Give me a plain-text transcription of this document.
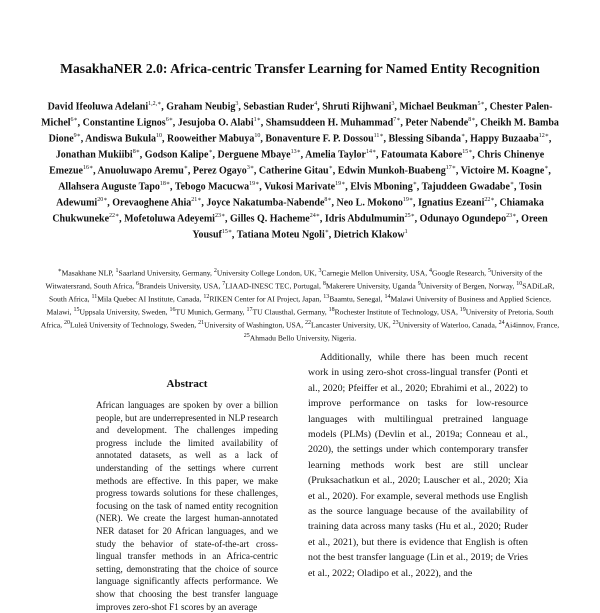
MasakhaNER 2.0: Africa-centric Transfer Learning for Named Entity Recognition
David Ifeoluwa Adelani$^{1,2,∗}$, Graham Neubig$^3$, Sebastian Ruder$^4$, Shruti Rijhwani$^3$, Michael Beukman$^{5∗}$, Chester Palen-Michel$^{6∗}$, Constantine Lignos$^{6∗}$, Jesujoba O. Alabi$^{1∗}$, Shamsuddeen H. Muhammad$^{7∗}$, Peter Nabende$^{8∗}$, Cheikh M. Bamba Dione$^{9∗}$, Andiswa Bukula$^{10}$, Rooweither Mabuya$^{10}$, Bonaventure F. P. Dossou$^{11∗}$, Blessing Sibanda∗, Happy Buzaaba$^{12∗}$, Jonathan Mukiibi$^{8∗}$, Godson Kalipe∗, Derguene Mbaye$^{13∗}$, Amelia Taylor$^{14∗}$, Fatoumata Kabore$^{15∗}$, Chris Chinenye Emezue$^{16∗}$, Anuoluwapo Aremu∗, Perez Ogayo$^{3∗}$, Catherine Gitau∗, Edwin Munkoh-Buabeng$^{17∗}$, Victoire M. Koagne∗, Allahsera Auguste Tapo$^{18∗}$, Tebogo Macucwa$^{19∗}$, Vukosi Marivate$^{19∗}$, Elvis Mboning∗, Tajuddeen Gwadabe∗, Tosin Adewumi$^{20∗}$, Orevaoghene Ahia$^{21∗}$, Joyce Nakatumba-Nabende$^{8∗}$, Neo L. Mokono$^{19∗}$, Ignatius Ezeani$^{22∗}$, Chiamaka Chukwuneke$^{22∗}$, Mofetoluwa Adeyemi$^{23∗}$, Gilles Q. Hacheme$^{24∗}$, Idris Abdulmumin$^{25∗}$, Odunayo Ogundepo$^{23∗}$, Oreen Yousuf$^{15∗}$, Tatiana Moteu Ngoli∗, Dietrich Klakow$^1$
∗Masakhane NLP, $^1$Saarland University, Germany, $^2$University College London, UK, $^3$Carnegie Mellon University, USA, $^4$Google Research, $^5$University of the Witwatersrand, South Africa, $^6$Brandeis University, USA, $^7$LIAAD-INESC TEC, Portugal, $^8$Makerere University, Uganda $^9$University of Bergen, Norway, $^{10}$SADiLaR, South Africa, $^{11}$Mila Quebec AI Institute, Canada, $^{12}$RIKEN Center for AI Project, Japan, $^{13}$Baamtu, Senegal, $^{14}$Malawi University of Business and Applied Science, Malawi, $^{15}$Uppsala University, Sweden, $^{16}$TU Munich, Germany, $^{17}$TU Clausthal, Germany, $^{18}$Rochester Institute of Technology, USA, $^{19}$University of Pretoria, South Africa, $^{20}$Luleå University of Technology, Sweden, $^{21}$University of Washington, USA, $^{22}$Lancaster University, UK, $^{23}$University of Waterloo, Canada, $^{24}$Ai4innov, France, $^{25}$Ahmadu Bello University, Nigeria.
Abstract

African languages are spoken by over a billion people, but are underrepresented in NLP research and development. The challenges impeding progress include the limited availability of annotated datasets, as well as a lack of understanding of the settings where current methods are effective. In this paper, we make progress towards solutions for these challenges, focusing on the task of named entity recognition (NER). We create the largest human-annotated NER dataset for 20 African languages, and we study the behavior of state-of-the-art cross-lingual transfer methods in an Africa-centric setting, demonstrating that the choice of source language significantly affects performance. We show that choosing the best transfer language improves zero-shot F1 scores by an average

Additionally, while there has been much recent work in using zero-shot cross-lingual transfer (Ponti et al., 2020; Pfeiffer et al., 2020; Ebrahimi et al., 2022) to improve performance on tasks for low-resource languages with multilingual pretrained language models (PLMs) (Devlin et al., 2019a; Conneau et al., 2020), the settings under which contemporary transfer learning methods work best are still unclear (Pruksachatkun et al., 2020; Lauscher et al., 2020; Xia et al., 2020). For example, several methods use English as the source language because of the availability of training data across many tasks (Hu et al., 2020; Ruder et al., 2021), but there is evidence that English is often not the best transfer language (Lin et al., 2019; de Vries et al., 2022; Oladipo et al., 2022), and the
